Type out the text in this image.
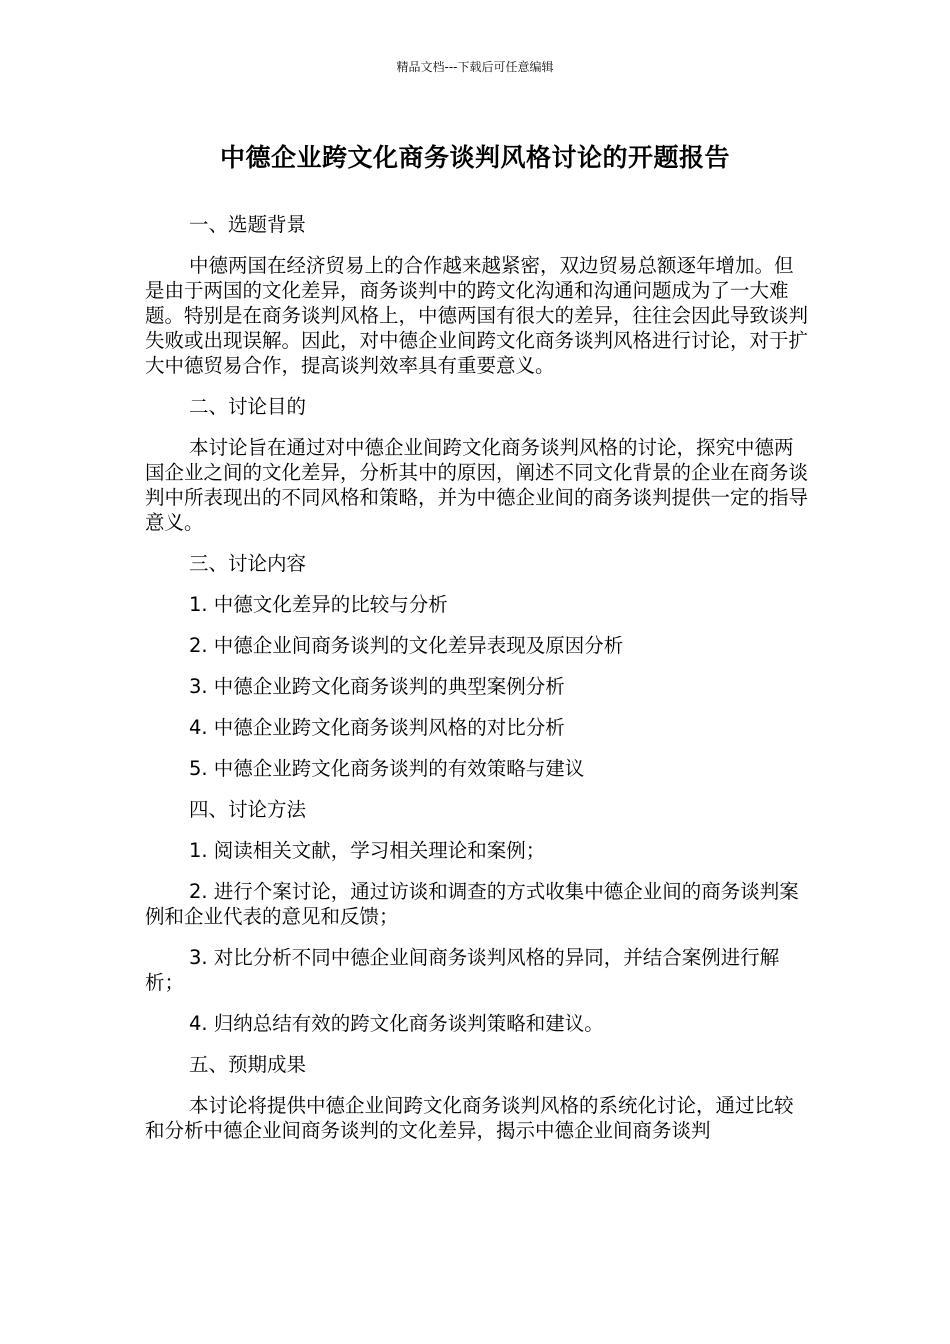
精品文档---下载后可任意编辑
中德企业跨文化商务谈判风格讨论的开题报告

一、选题背景

中德两国在经济贸易上的合作越来越紧密，双边贸易总额逐年增加。但是由于两国的文化差异，商务谈判中的跨文化沟通和沟通问题成为了一大难题。特别是在商务谈判风格上，中德两国有很大的差异，往往会因此导致谈判失败或出现误解。因此，对中德企业间跨文化商务谈判风格进行讨论，对于扩大中德贸易合作，提高谈判效率具有重要意义。

二、讨论目的

本讨论旨在通过对中德企业间跨文化商务谈判风格的讨论，探究中德两国企业之间的文化差异，分析其中的原因，阐述不同文化背景的企业在商务谈判中所表现出的不同风格和策略，并为中德企业间的商务谈判提供一定的指导意义。

三、讨论内容

1. 中德文化差异的比较与分析

2. 中德企业间商务谈判的文化差异表现及原因分析

3. 中德企业跨文化商务谈判的典型案例分析

4. 中德企业跨文化商务谈判风格的对比分析

5. 中德企业跨文化商务谈判的有效策略与建议

四、讨论方法

1. 阅读相关文献，学习相关理论和案例；

2. 进行个案讨论，通过访谈和调查的方式收集中德企业间的商务谈判案例和企业代表的意见和反馈；

3. 对比分析不同中德企业间商务谈判风格的异同，并结合案例进行解析；

4. 归纳总结有效的跨文化商务谈判策略和建议。

五、预期成果

本讨论将提供中德企业间跨文化商务谈判风格的系统化讨论，通过比较和分析中德企业间商务谈判的文化差异，揭示中德企业间商务谈判
